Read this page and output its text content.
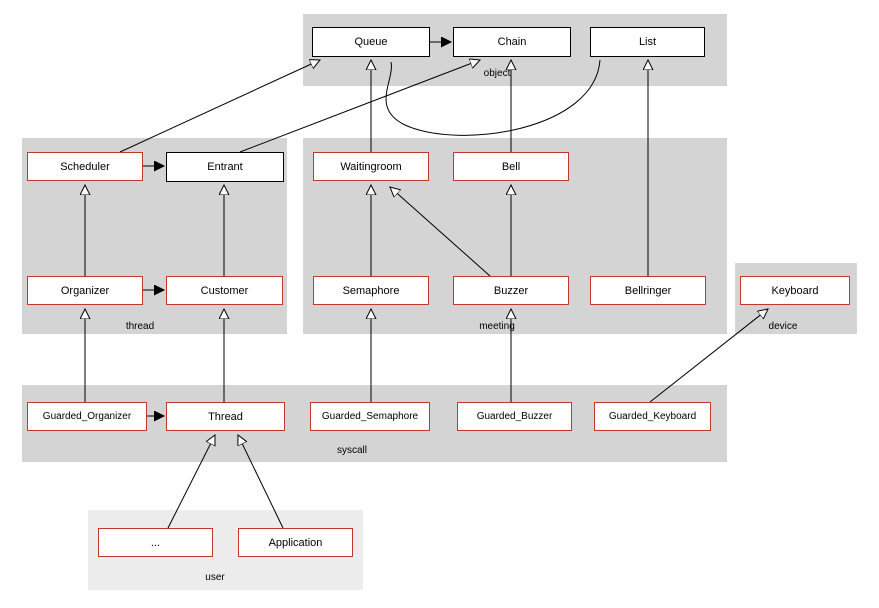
object
thread	meeting	device
syscall
user
Queue	Chain	List
Scheduler	Entrant	Waitingroom	Bell
Organizer	Customer	Semaphore	Buzzer	Bellringer	Keyboard
Guarded_Organizer	Thread	Guarded_Semaphore	Guarded_Buzzer	Guarded_Keyboard
...	Application
